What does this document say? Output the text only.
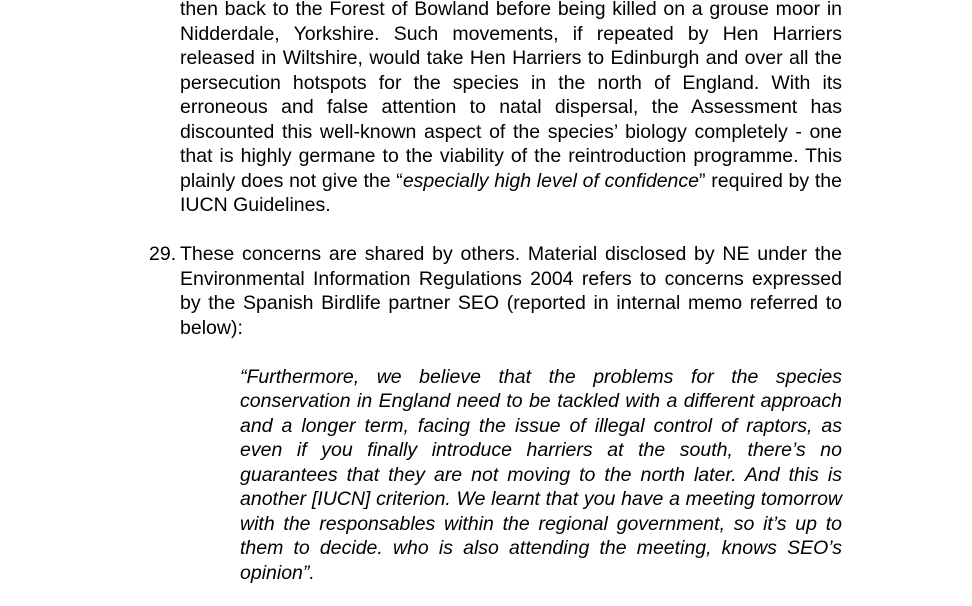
then back to the Forest of Bowland before being killed on a grouse moor in
Nidderdale, Yorkshire. Such movements, if repeated by Hen Harriers
released in Wiltshire, would take Hen Harriers to Edinburgh and over all the
persecution hotspots for the species in the north of England. With its
erroneous and false attention to natal dispersal, the Assessment has
discounted this well-known aspect of the species’ biology completely - one
that is highly germane to the viability of the reintroduction programme. This
plainly does not give the “especially high level of confidence” required by the
IUCN Guidelines.
29. These concerns are shared by others. Material disclosed by NE under the
Environmental Information Regulations 2004 refers to concerns expressed
by the Spanish Birdlife partner SEO (reported in internal memo referred to
below):
“Furthermore, we believe that the problems for the species
conservation in England need to be tackled with a different approach
and a longer term, facing the issue of illegal control of raptors, as
even if you finally introduce harriers at the south, there’s no
guarantees that they are not moving to the north later. And this is
another [IUCN] criterion. We learnt that you have a meeting tomorrow
with the responsables within the regional government, so it’s up to
them to decide. who is also attending the meeting, knows SEO’s
opinion”.
